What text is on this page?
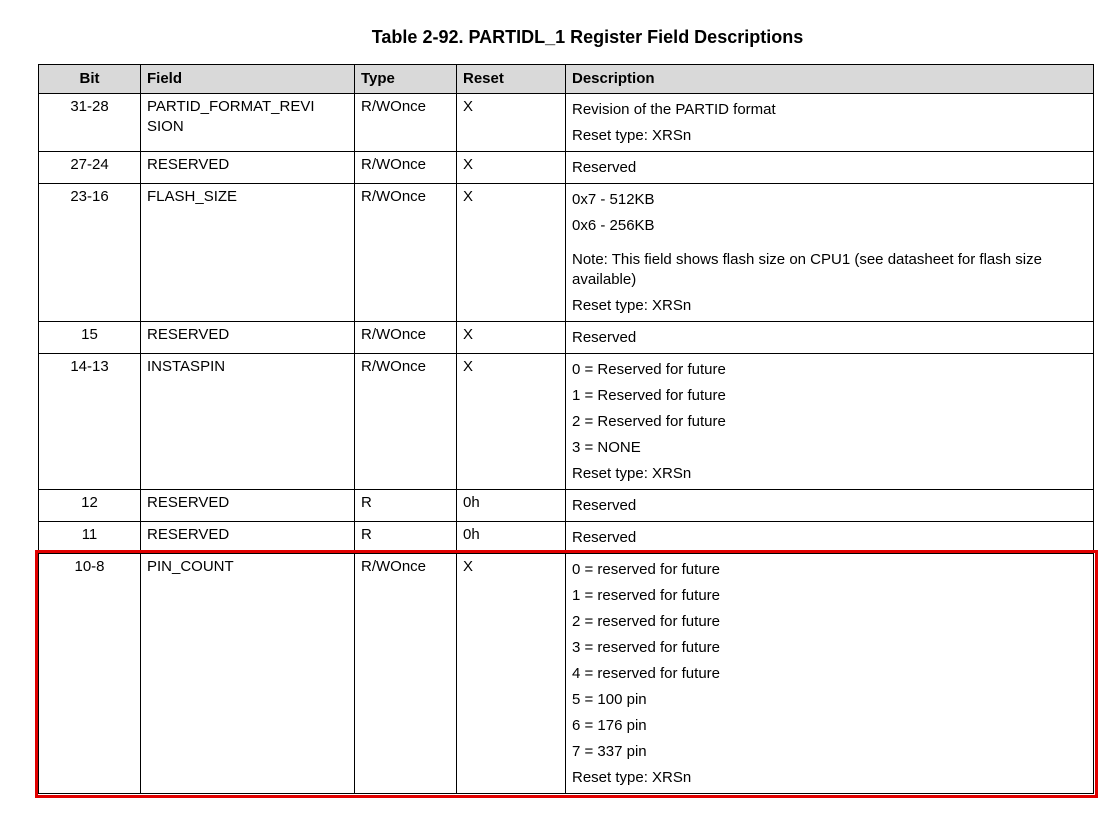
Table 2-92. PARTIDL_1 Register Field Descriptions
Bit	Field	Type	Reset	Description
31-28	PARTID_FORMAT_REVISION	R/WOnce	X	Revision of the PARTID format

Reset type: XRSn

27-24	RESERVED	R/WOnce	X	Reserved

23-16	FLASH_SIZE	R/WOnce	X	0x7 - 512KB

0x6 - 256KB

Note: This field shows flash size on CPU1 (see datasheet for flash size available)

Reset type: XRSn

15	RESERVED	R/WOnce	X	Reserved

14-13	INSTASPIN	R/WOnce	X	0 = Reserved for future

1 = Reserved for future

2 = Reserved for future

3 = NONE

Reset type: XRSn

12	RESERVED	R	0h	Reserved

11	RESERVED	R	0h	Reserved

10-8	PIN_COUNT	R/WOnce	X	0 = reserved for future

1 = reserved for future

2 = reserved for future

3 = reserved for future

4 = reserved for future

5 = 100 pin

6 = 176 pin

7 = 337 pin

Reset type: XRSn
